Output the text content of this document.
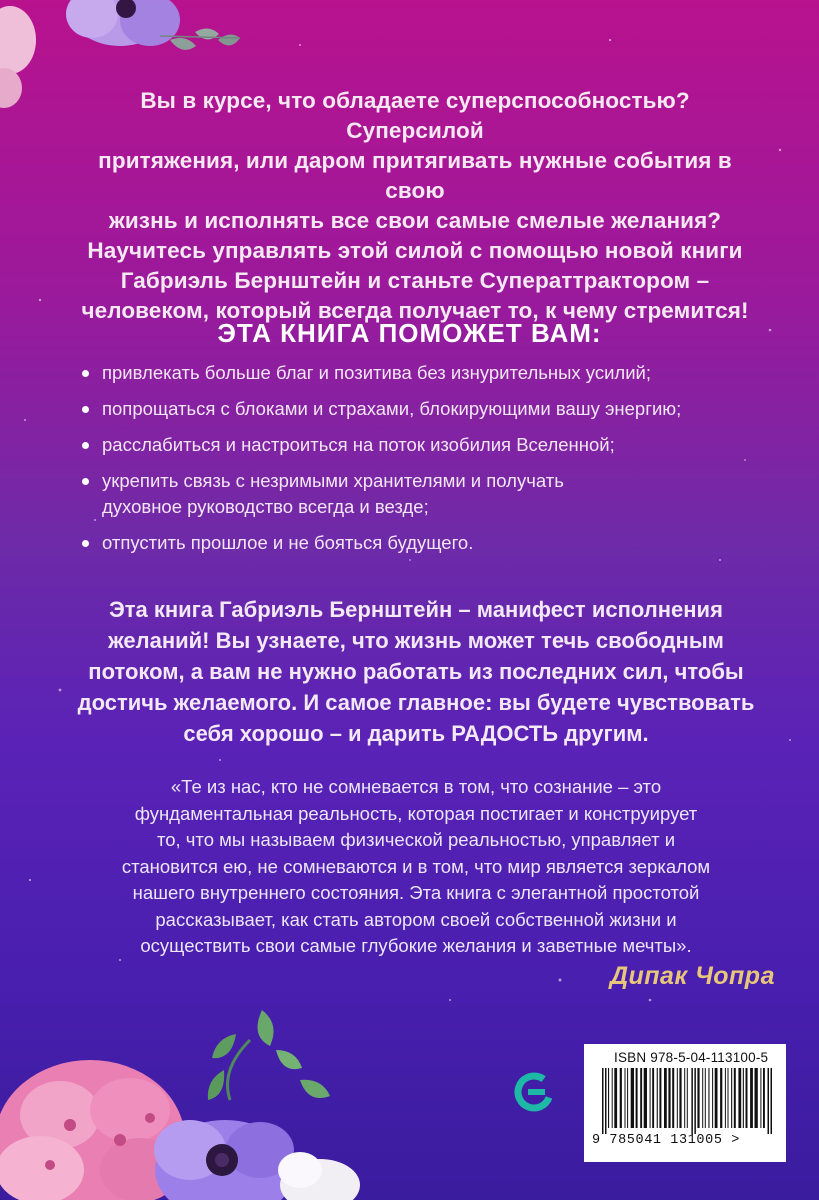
Вы в курсе, что обладаете суперспособностью? Суперсилой
притяжения, или даром притягивать нужные события в свою
жизнь и исполнять все свои самые смелые желания?
Научитесь управлять этой силой с помощью новой книги
Габриэль Бернштейн и станьте Суператтрактором –
человеком, который всегда получает то, к чему стремится!
ЭТА КНИГА ПОМОЖЕТ ВАМ:
привлекать больше благ и позитива без изнурительных усилий;
попрощаться с блоками и страхами, блокирующими вашу энергию;
расслабиться и настроиться на поток изобилия Вселенной;
укрепить связь с незримыми хранителями и получать духовное руководство всегда и везде;
отпустить прошлое и не бояться будущего.
Эта книга Габриэль Бернштейн – манифест исполнения
желаний! Вы узнаете, что жизнь может течь свободным
потоком, а вам не нужно работать из последних сил, чтобы
достичь желаемого. И самое главное: вы будете чувствовать
себя хорошо – и дарить РАДОСТЬ другим.
«Те из нас, кто не сомневается в том, что сознание – это
фундаментальная реальность, которая постигает и конструирует
то, что мы называем физической реальностью, управляет и
становится ею, не сомневаются и в том, что мир является зеркалом
нашего внутреннего состояния. Эта книга с элегантной простотой
рассказывает, как стать автором своей собственной жизни и
осуществить свои самые глубокие желания и заветные мечты».
Дипак Чопра
ISBN 978-5-04-113100-5
9 785041 131005 >
